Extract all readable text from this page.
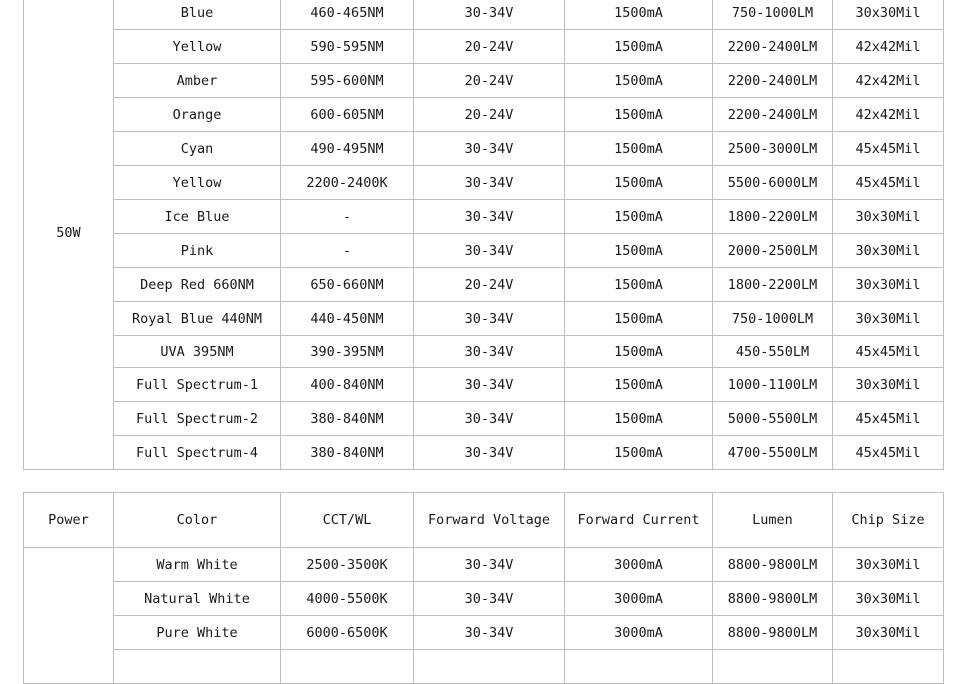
50W	Blue	460-465NM	30-34V	1500mA	750-1000LM	30x30Mil
	Yellow	590-595NM	20-24V	1500mA	2200-2400LM	42x42Mil
	Amber	595-600NM	20-24V	1500mA	2200-2400LM	42x42Mil
	Orange	600-605NM	20-24V	1500mA	2200-2400LM	42x42Mil
	Cyan	490-495NM	30-34V	1500mA	2500-3000LM	45x45Mil
	Yellow	2200-2400K	30-34V	1500mA	5500-6000LM	45x45Mil
	Ice Blue	-	30-34V	1500mA	1800-2200LM	30x30Mil
	Pink	-	30-34V	1500mA	2000-2500LM	30x30Mil
	Deep Red 660NM	650-660NM	20-24V	1500mA	1800-2200LM	30x30Mil
	Royal Blue 440NM	440-450NM	30-34V	1500mA	750-1000LM	30x30Mil
	UVA 395NM	390-395NM	30-34V	1500mA	450-550LM	45x45Mil
	Full Spectrum-1	400-840NM	30-34V	1500mA	1000-1100LM	30x30Mil
	Full Spectrum-2	380-840NM	30-34V	1500mA	5000-5500LM	45x45Mil
	Full Spectrum-4	380-840NM	30-34V	1500mA	4700-5500LM	45x45Mil
Power	Color	CCT/WL	Forward Voltage	Forward Current	Lumen	Chip Size
	Warm White	2500-3500K	30-34V	3000mA	8800-9800LM	30x30Mil
	Natural White	4000-5500K	30-34V	3000mA	8800-9800LM	30x30Mil
	Pure White	6000-6500K	30-34V	3000mA	8800-9800LM	30x30Mil
